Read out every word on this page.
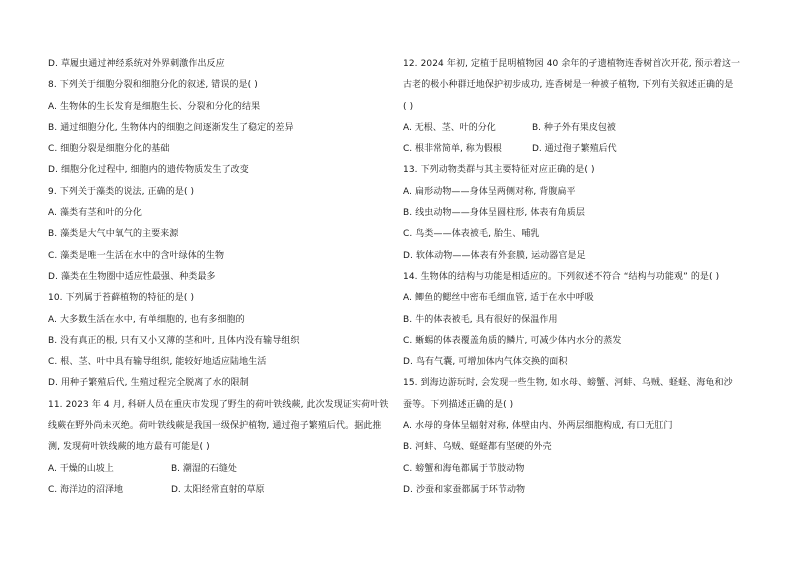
D. 草履虫通过神经系统对外界刺激作出反应

8. 下列关于细胞分裂和细胞分化的叙述, 错误的是( )

A. 生物体的生长发育是细胞生长、分裂和分化的结果

B. 通过细胞分化, 生物体内的细胞之间逐渐发生了稳定的差异

C. 细胞分裂是细胞分化的基础

D. 细胞分化过程中, 细胞内的遗传物质发生了改变

9. 下列关于藻类的说法, 正确的是( )

A. 藻类有茎和叶的分化

B. 藻类是大气中氧气的主要来源

C. 藻类是唯一生活在水中的含叶绿体的生物

D. 藻类在生物圈中适应性最强、种类最多

10. 下列属于苔藓植物的特征的是( )

A. 大多数生活在水中, 有单细胞的, 也有多细胞的

B. 没有真正的根, 只有又小又薄的茎和叶, 且体内没有输导组织

C. 根、茎、叶中具有输导组织, 能较好地适应陆地生活

D. 用种子繁殖后代, 生殖过程完全脱离了水的限制

11. 2023 年 4 月, 科研人员在重庆市发现了野生的荷叶铁线蕨, 此次发现证实荷叶铁

线蕨在野外尚未灭绝。荷叶铁线蕨是我国一级保护植物, 通过孢子繁殖后代。据此推

测, 发现荷叶铁线蕨的地方最有可能是( )

A. 干燥的山坡上	B. 潮湿的石缝处
C. 海洋边的沼泽地	D. 太阳经常直射的草原

12. 2024 年初, 定植于昆明植物园 40 余年的孑遗植物连香树首次开花, 预示着这一

古老的极小种群迁地保护初步成功, 连香树是一种被子植物, 下列有关叙述正确的是

( )

A. 无根、茎、叶的分化	B. 种子外有果皮包被
C. 根非常简单, 称为假根	D. 通过孢子繁殖后代

13. 下列动物类群与其主要特征对应正确的是( )

A. 扁形动物——身体呈两侧对称, 背腹扁平

B. 线虫动物——身体呈圆柱形, 体表有角质层

C. 鸟类——体表被毛, 胎生、哺乳

D. 软体动物——体表有外套膜, 运动器官是足

14. 生物体的结构与功能是相适应的。下列叙述不符合 “结构与功能观” 的是( )

A. 鲫鱼的鳃丝中密布毛细血管, 适于在水中呼吸

B. 牛的体表被毛, 具有很好的保温作用

C. 蜥蜴的体表覆盖角质的鳞片, 可减少体内水分的蒸发

D. 鸟有气囊, 可增加体内气体交换的面积

15. 到海边游玩时, 会发现一些生物, 如水母、螃蟹、河蚌、乌贼、蛏蛏、海龟和沙

蚕等。下列描述正确的是( )

A. 水母的身体呈辐射对称, 体壁由内、外两层细胞构成, 有口无肛门

B. 河蚌、乌贼、蛏蛏都有坚硬的外壳

C. 螃蟹和海龟都属于节肢动物

D. 沙蚕和家蚕都属于环节动物
